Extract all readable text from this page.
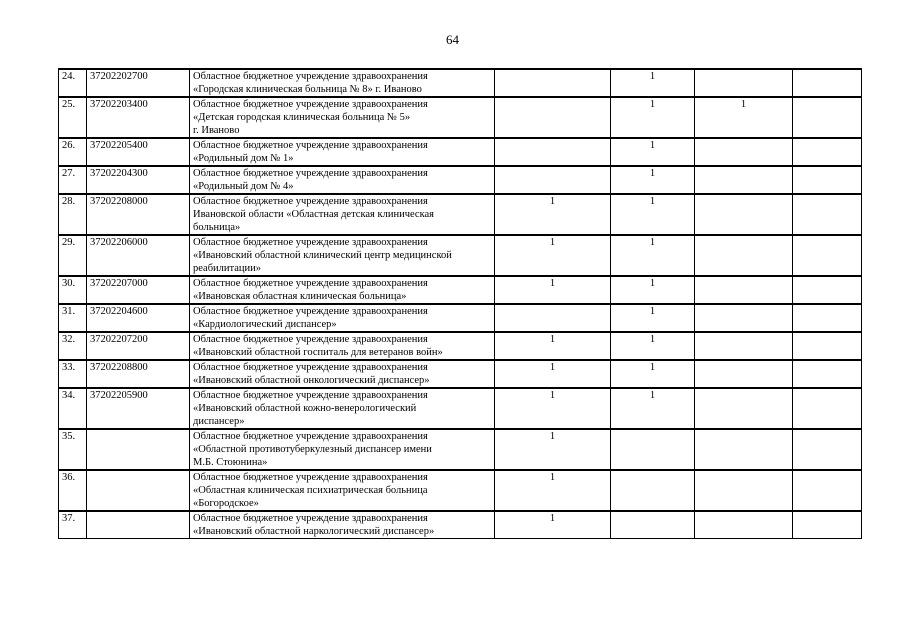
64
24.	37202202700	Областное бюджетное учреждение здравоохранения
«Городская клиническая больница № 8» г. Иваново		1		
25.	37202203400	Областное бюджетное учреждение здравоохранения
«Детская городская клиническая больница № 5»
г. Иваново		1	1	
26.	37202205400	Областное бюджетное учреждение здравоохранения
«Родильный дом № 1»		1		
27.	37202204300	Областное бюджетное учреждение здравоохранения
«Родильный дом № 4»		1		
28.	37202208000	Областное бюджетное учреждение здравоохранения
Ивановской области «Областная детская клиническая
больница»	1	1		
29.	37202206000	Областное бюджетное учреждение здравоохранения
«Ивановский областной клинический центр медицинской
реабилитации»	1	1		
30.	37202207000	Областное бюджетное учреждение здравоохранения
«Ивановская областная клиническая больница»	1	1		
31.	37202204600	Областное бюджетное учреждение здравоохранения
«Кардиологический диспансер»		1		
32.	37202207200	Областное бюджетное учреждение здравоохранения
«Ивановский областной госпиталь для ветеранов войн»	1	1		
33.	37202208800	Областное бюджетное учреждение здравоохранения
«Ивановский областной онкологический диспансер»	1	1		
34.	37202205900	Областное бюджетное учреждение здравоохранения
«Ивановский областной кожно-венерологический
диспансер»	1	1		
35.		Областное бюджетное учреждение здравоохранения
«Областной противотуберкулезный диспансер имени
М.Б. Стоюнина»	1			
36.		Областное бюджетное учреждение здравоохранения
«Областная клиническая психиатрическая больница
«Богородское»	1			
37.		Областное бюджетное учреждение здравоохранения
«Ивановский областной наркологический диспансер»	1			
